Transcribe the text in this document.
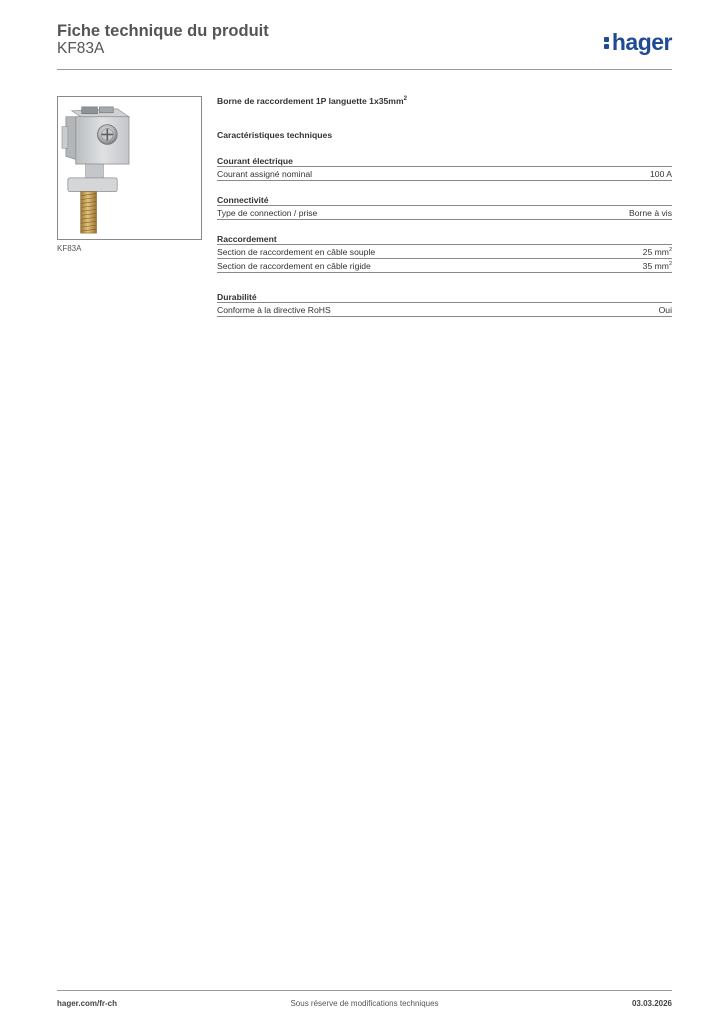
Fiche technique du produit
KF83A	hager
KF83A
Borne de raccordement 1P languette $1x35mm^2$
Caractéristiques techniques
Courant électrique
Courant assigné nominal	100 A
Connectivité
Type de connection / prise	Borne à vis
Raccordement
Section de raccordement en câble souple	25 $mm^2$
Section de raccordement en câble rigide	35 $mm^2$
Durabilité
Conforme à la directive RoHS	Oui
hager.com/fr-ch	Sous réserve de modifications techniques	03.03.2026
